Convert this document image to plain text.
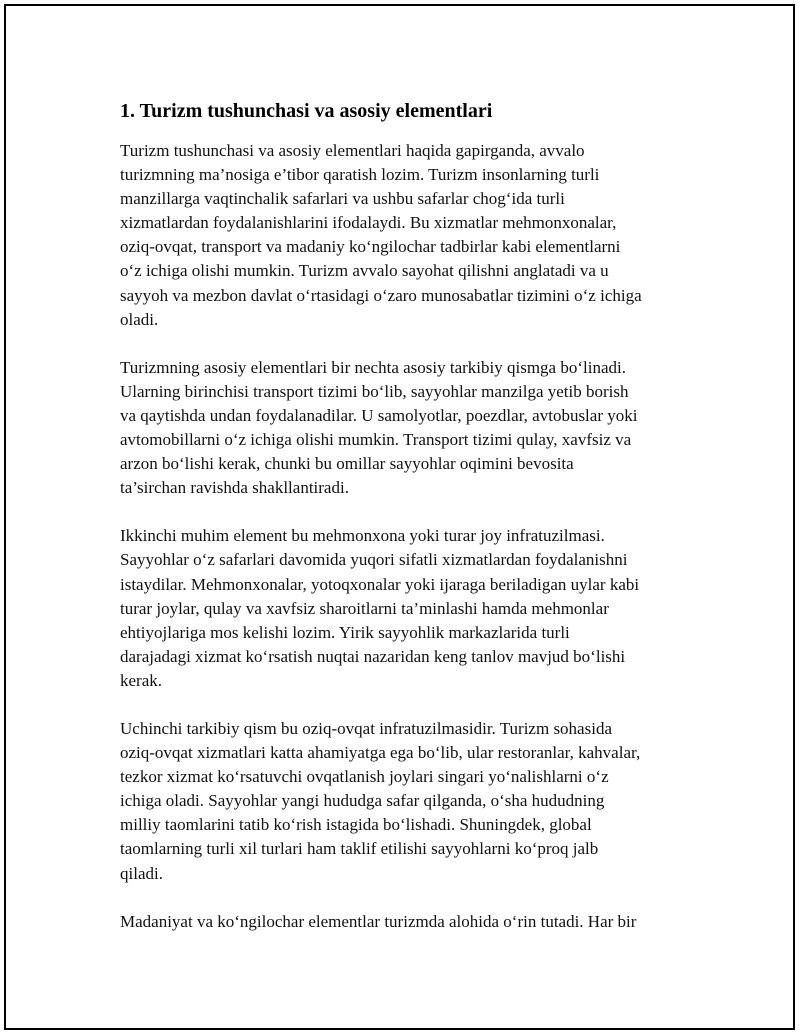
1. Turizm tushunchasi va asosiy elementlari
Turizm tushunchasi va asosiy elementlari haqida gapirganda, avvalo
turizmning ma’nosiga e’tibor qaratish lozim. Turizm insonlarning turli
manzillarga vaqtinchalik safarlari va ushbu safarlar chog‘ida turli
xizmatlardan foydalanishlarini ifodalaydi. Bu xizmatlar mehmonxonalar,
oziq-ovqat, transport va madaniy ko‘ngilochar tadbirlar kabi elementlarni
o‘z ichiga olishi mumkin. Turizm avvalo sayohat qilishni anglatadi va u
sayyoh va mezbon davlat o‘rtasidagi o‘zaro munosabatlar tizimini o‘z ichiga
oladi.
Turizmning asosiy elementlari bir nechta asosiy tarkibiy qismga bo‘linadi.
Ularning birinchisi transport tizimi bo‘lib, sayyohlar manzilga yetib borish
va qaytishda undan foydalanadilar. U samolyotlar, poezdlar, avtobuslar yoki
avtomobillarni o‘z ichiga olishi mumkin. Transport tizimi qulay, xavfsiz va
arzon bo‘lishi kerak, chunki bu omillar sayyohlar oqimini bevosita
ta’sirchan ravishda shakllantiradi.
Ikkinchi muhim element bu mehmonxona yoki turar joy infratuzilmasi.
Sayyohlar o‘z safarlari davomida yuqori sifatli xizmatlardan foydalanishni
istaydilar. Mehmonxonalar, yotoqxonalar yoki ijaraga beriladigan uylar kabi
turar joylar, qulay va xavfsiz sharoitlarni ta’minlashi hamda mehmonlar
ehtiyojlariga mos kelishi lozim. Yirik sayyohlik markazlarida turli
darajadagi xizmat ko‘rsatish nuqtai nazaridan keng tanlov mavjud bo‘lishi
kerak.
Uchinchi tarkibiy qism bu oziq-ovqat infratuzilmasidir. Turizm sohasida
oziq-ovqat xizmatlari katta ahamiyatga ega bo‘lib, ular restoranlar, kahvalar,
tezkor xizmat ko‘rsatuvchi ovqatlanish joylari singari yo‘nalishlarni o‘z
ichiga oladi. Sayyohlar yangi hududga safar qilganda, o‘sha hududning
milliy taomlarini tatib ko‘rish istagida bo‘lishadi. Shuningdek, global
taomlarning turli xil turlari ham taklif etilishi sayyohlarni ko‘proq jalb
qiladi.
Madaniyat va ko‘ngilochar elementlar turizmda alohida o‘rin tutadi. Har bir
